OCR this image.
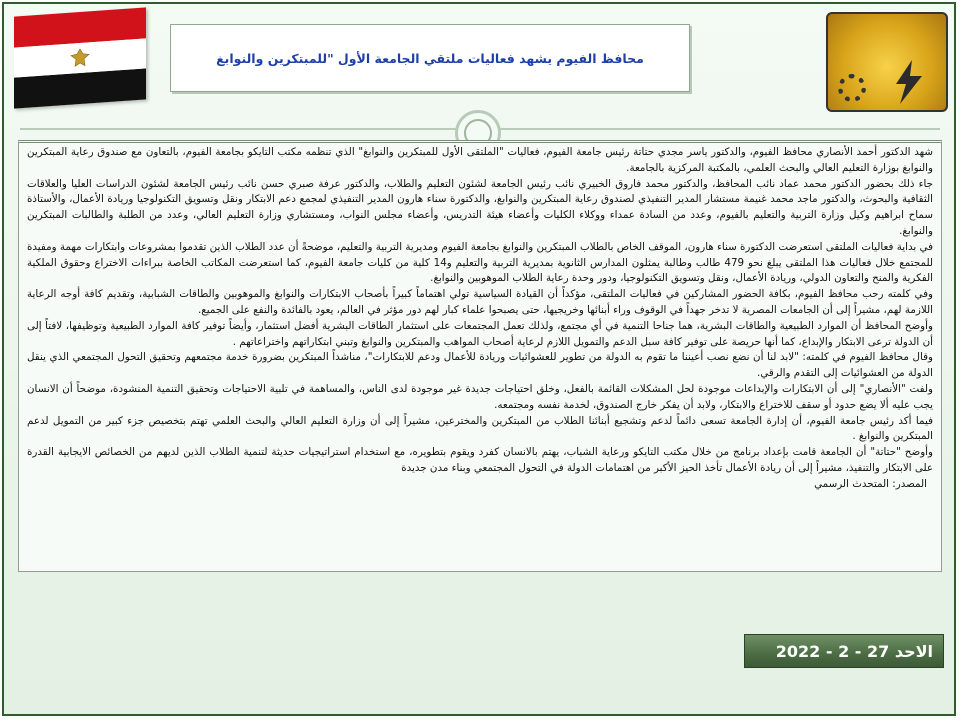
محافظ الفيوم يشهد فعاليات ملتقي الجامعة الأول "للمبتكرين والنوابغ

شهد الدكتور أحمد الأنصاري محافظ الفيوم، والدكتور ياسر مجدي حتاتة رئيس جامعة الفيوم، فعاليات "الملتقى الأول للمبتكرين والنوابغ" الذي تنظمه مكتب التايكو بجامعة الفيوم، بالتعاون مع صندوق رعاية المبتكرين والنوابغ بوزارة التعليم العالي والبحث العلمي، بالمكتبة المركزية بالجامعة.

جاء ذلك بحضور الدكتور محمد عماد نائب المحافظ، والدكتور محمد فاروق الخبيري نائب رئيس الجامعة لشئون التعليم والطلاب، والدكتور عرفة صبري حسن نائب رئيس الجامعة لشئون الدراسات العليا والعلاقات الثقافية والبحوث، والدكتور ماجد محمد غنيمة مستشار المدير التنفيذي لصندوق رعاية المبتكرين والنوابغ، والدكتورة سناء هارون المدير التنفيذي لمجمع دعم الابتكار ونقل وتسويق التكنولوجيا وريادة الأعمال، والأستاذة سماح ابراهيم وكيل وزارة التربية والتعليم بالفيوم، وعدد من السادة عمداء ووكلاء الكليات وأعضاء هيئة التدريس، وأعضاء مجلس النواب، ومستشاري وزارة التعليم العالي، وعدد من الطلبة والطالبات المبتكرين والنوابغ.

في بداية فعاليات الملتقى استعرضت الدكتورة سناء هارون، الموقف الخاص بالطلاب المبتكرين والنوابغ بجامعة الفيوم ومديرية التربية والتعليم، موضحةً أن عدد الطلاب الذين تقدموا بمشروعات وابتكارات مهمة ومفيدة للمجتمع خلال فعاليات هذا الملتقى يبلغ نحو 479 طالب وطالبة يمثلون المدارس الثانوية بمديرية التربية والتعليم و14 كلية من كليات جامعة الفيوم، كما استعرضت المكاتب الخاصة ببراءات الاختراع وحقوق الملكية الفكرية والمنح والتعاون الدولي، وريادة الأعمال، ونقل وتسويق التكنولوجيا، ودور وحدة رعاية الطلاب الموهوبين والنوابغ.

وفي كلمته رحب محافظ الفيوم، بكافة الحضور المشاركين في فعاليات الملتقى، مؤكداً أن القيادة السياسية تولي اهتماماً كبيراً بأصحاب الابتكارات والنوابغ والموهوبين والطاقات الشبابية، وتقديم كافة أوجه الرعاية اللازمة لهم، مشيراً إلى أن الجامعات المصرية لا تدخر جهداً في الوقوف وراء أبنائها وخريجيها، حتى يصبحوا علماء كبار لهم دور مؤثر في العالم، يعود بالفائدة والنفع على الجميع.

وأوضح المحافظ أن الموارد الطبيعية والطاقات البشرية، هما جناحا التنمية في أي مجتمع، ولذلك تعمل المجتمعات على استثمار الطاقات البشرية أفضل استثمار، وأيضاً توفير كافة الموارد الطبيعية وتوظيفها، لافتاً إلى أن الدولة ترعى الابتكار والإبداع، كما أنها حريصة على توفير كافة سبل الدعم والتمويل اللازم لرعاية أصحاب المواهب والمبتكرين والنوابغ وتبني ابتكاراتهم واختراعاتهم .

وقال محافظ الفيوم في كلمته: "لابد لنا أن نضع نصب أعيننا ما تقوم به الدولة من تطوير للعشوائيات وريادة للأعمال ودعم للابتكارات"، مناشداً المبتكرين بضرورة خدمة مجتمعهم وتحقيق التحول المجتمعي الذي ينقل الدولة من العشوائيات إلى التقدم والرقي.

ولفت "الأنصاري" إلى أن الابتكارات والإبداعات موجودة لحل المشكلات القائمة بالفعل، وخلق احتياجات جديدة غير موجودة لدى الناس، والمساهمة في تلبية الاحتياجات وتحقيق التنمية المنشودة، موضحاً أن الانسان يجب عليه ألا يضع حدود أو سقف للاختراع والابتكار، ولابد أن يفكر خارج الصندوق، لخدمة نفسه ومجتمعه.

فيما أكد رئيس جامعة الفيوم، أن إدارة الجامعة تسعى دائماً لدعم وتشجيع أبنائنا الطلاب من المبتكرين والمخترعين، مشيراً إلى أن وزارة التعليم العالي والبحث العلمي تهتم بتخصيص جزء كبير من التمويل لدعم المبتكرين والنوابغ .

وأوضح "حتاتة" أن الجامعة قامت بإعداد برنامج من خلال مكتب التايكو ورعاية الشباب، يهتم بالانسان كفرد ويقوم بتطويره، مع استخدام استراتيجيات حديثة لتنمية الطلاب الذين لديهم من الخصائص الايجابية القدرة على الابتكار والتنفيذ، مشيراً إلى أن ريادة الأعمال تأخذ الحيز الأكبر من اهتمامات الدولة في التحول المجتمعي وبناء مدن جديدة

المصدر: المتحدث الرسمي

الاحد 27 - 2 - 2022
